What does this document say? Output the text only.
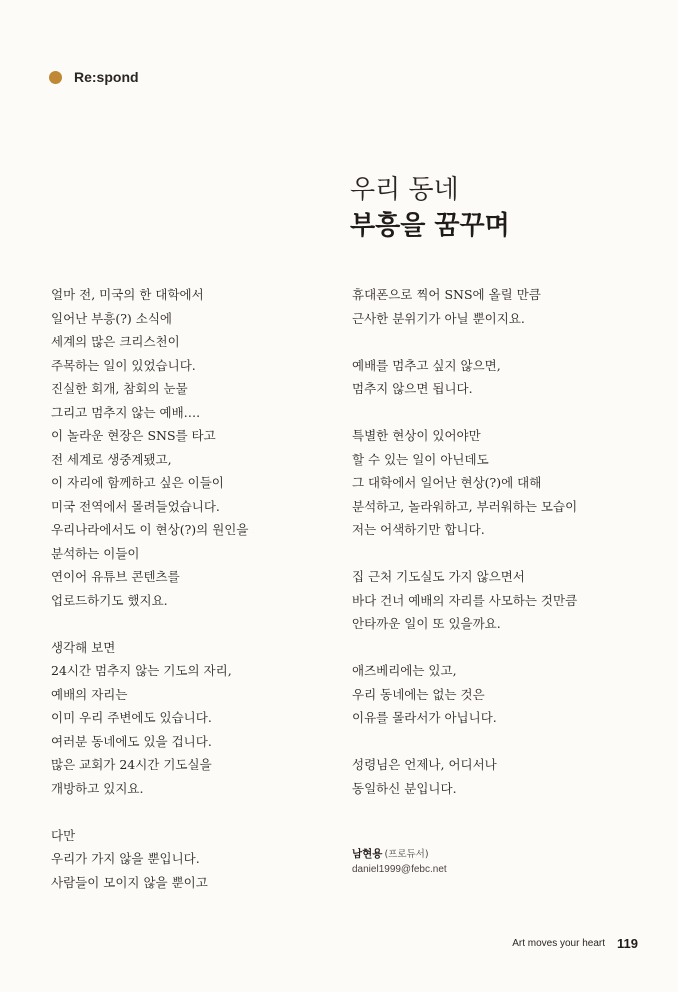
Re:spond
우리 동네
부흥을 꿈꾸며
얼마 전, 미국의 한 대학에서
일어난 부흥(?) 소식에
세계의 많은 크리스천이
주목하는 일이 있었습니다.
진실한 회개, 참회의 눈물
그리고 멈추지 않는 예배….
이 놀라운 현장은 SNS를 타고
전 세계로 생중계됐고,
이 자리에 함께하고 싶은 이들이
미국 전역에서 몰려들었습니다.
우리나라에서도 이 현상(?)의 원인을
분석하는 이들이
연이어 유튜브 콘텐츠를
업로드하기도 했지요.
생각해 보면
24시간 멈추지 않는 기도의 자리,
예배의 자리는
이미 우리 주변에도 있습니다.
여러분 동네에도 있을 겁니다.
많은 교회가 24시간 기도실을
개방하고 있지요.
다만
우리가 가지 않을 뿐입니다.
사람들이 모이지 않을 뿐이고
휴대폰으로 찍어 SNS에 올릴 만큼
근사한 분위기가 아닐 뿐이지요.
예배를 멈추고 싶지 않으면,
멈추지 않으면 됩니다.
특별한 현상이 있어야만
할 수 있는 일이 아닌데도
그 대학에서 일어난 현상(?)에 대해
분석하고, 놀라워하고, 부러워하는 모습이
저는 어색하기만 합니다.
집 근처 기도실도 가지 않으면서
바다 건너 예배의 자리를 사모하는 것만큼
안타까운 일이 또 있을까요.
애즈베리에는 있고,
우리 동네에는 없는 것은
이유를 몰라서가 아닙니다.
성령님은 언제나, 어디서나
동일하신 분입니다.
남현용 (프로듀서)
daniel1999@febc.net
Art moves your heart 119
